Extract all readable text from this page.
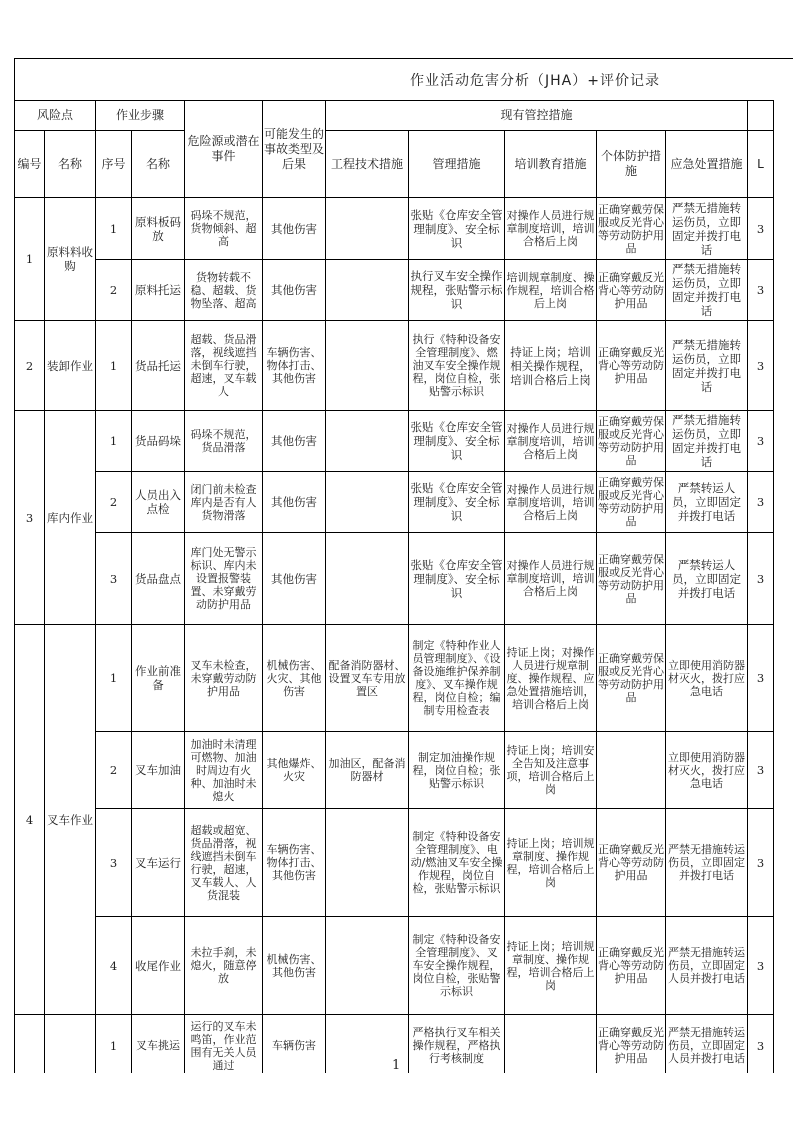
作业活动危害分析（JHA）+评价记录
风险点		作业步骤		危险源或潜在事件	可能发生的事故类型及后果	现有管控措施					
编号	名称	序号	名称			工程技术措施	管理措施	培训教育措施	个体防护措施	应急处置措施	L
1	原料料收购	1	原料板码放	码垛不规范，货物倾斜、超高	其他伤害		张贴《仓库安全管理制度》、安全标识	对操作人员进行规章制度培训，培训合格后上岗	正确穿戴劳保服或反光背心等劳动防护用品	严禁无措施转运伤员，立即固定并拨打电话	3
		2	原料托运	货物转载不稳、超载、货物坠落、超高	其他伤害		执行叉车安全操作规程，张贴警示标识	培训规章制度、操作规程，培训合格后上岗	正确穿戴反光背心等劳动防护用品	严禁无措施转运伤员，立即固定并拨打电话	3
2	装卸作业	1	货品托运	超载、货品滑落，视线遮挡未倒车行驶，超速，叉车载人	车辆伤害、物体打击、其他伤害		执行《特种设备安全管理制度》、燃油叉车安全操作规程，岗位自检，张贴警示标识	持证上岗；培训相关操作规程，培训合格后上岗	正确穿戴反光背心等劳动防护用品	严禁无措施转运伤员，立即固定并拨打电话	3
3	库内作业	1	货品码垛	码垛不规范，货品滑落	其他伤害		张贴《仓库安全管理制度》、安全标识	对操作人员进行规章制度培训，培训合格后上岗	正确穿戴劳保服或反光背心等劳动防护用品	严禁无措施转运伤员，立即固定并拨打电话	3
		2	人员出入点检	闭门前未检查库内是否有人 货物滑落	其他伤害		张贴《仓库安全管理制度》、安全标识	对操作人员进行规章制度培训，培训合格后上岗	正确穿戴劳保服或反光背心等劳动防护用品	严禁转运人员，立即固定并拨打电话	3
		3	货品盘点	库门处无警示标识、库内未设置报警装置、未穿戴劳动防护用品	其他伤害		张贴《仓库安全管理制度》、安全标识	对操作人员进行规章制度培训，培训合格后上岗	正确穿戴劳保服或反光背心等劳动防护用品	严禁转运人员，立即固定并拨打电话	3
4	叉车作业	1	作业前准备	叉车未检查，未穿戴劳动防护用品	机械伤害、火灾、其他伤害	配备消防器材、设置叉车专用放置区	制定《特种作业人员管理制度》、《设备设施维护保养制度》、叉车操作规程，岗位自检；编制专用检查表	持证上岗；对操作人员进行规章制度、操作规程、应急处置措施培训，培训合格后上岗	正确穿戴劳保服或反光背心等劳动防护用品	立即使用消防器材灭火，拨打应急电话	3
		2	叉车加油	加油时未清理可燃物、加油时周边有火种、加油时未熄火	其他爆炸、火灾	加油区，配备消防器材	制定加油操作规程，岗位自检；张贴警示标识	持证上岗；培训安全告知及注意事项，培训合格后上岗		立即使用消防器材灭火，拨打应急电话	3
		3	叉车运行	超载或超宽、货品滑落，视线遮挡未倒车行驶，超速，叉车载人、人货混装	车辆伤害、物体打击、其他伤害		制定《特种设备安全管理制度》、电动/燃油叉车安全操作规程，岗位自检，张贴警示标识	持证上岗；培训规章制度、操作规程，培训合格后上岗	正确穿戴反光背心等劳动防护用品	严禁无措施转运伤员，立即固定并拨打电话	3
		4	收尾作业	未拉手刹，未熄火，随意停放	机械伤害、其他伤害		制定《特种设备安全管理制度》、叉车安全操作规程，岗位自检，张贴警示标识	持证上岗；培训规章制度、操作规程，培训合格后上岗	正确穿戴反光背心等劳动防护用品	严禁无措施转运伤员，立即固定人员并拨打电话	3
		1	叉车挑运	运行的叉车未鸣笛，作业范围有无关人员通过	车辆伤害		严格执行叉车相关操作规程，严格执行考核制度		正确穿戴反光背心等劳动防护用品	严禁无措施转运伤员，立即固定人员并拨打电话	3

1
